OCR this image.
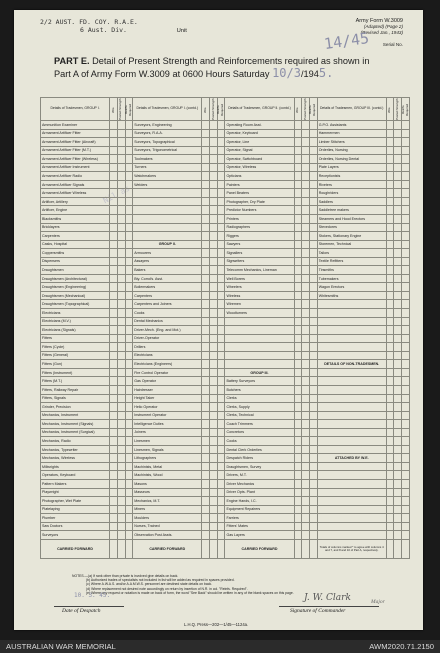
2/2 AUST. FD. COY. R.A.E.
6 Aust. Div.	Unit
Army Form W.3009
(Adapted) (Page 2)
(Revised Jan., 1943)
Serial No.
14/45
PART E. Detail of Present Strength and Reinforcements required as shown in
Part A of Army Form W.3009 at 0600 Hours Saturday 10/3/1945.
Nil as
Details of Tradesmen, GROUP I.	W.E.	Posted Strength	Reinfs. Required	Details of Tradesmen, GROUP I. (contd.)	W.E.	Posted Strength	Reinfs. Required	Details of Tradesmen, GROUP II. (contd.)	W.E.	Posted Strength	Reinfs. Required	Details of Tradesmen, GROUP III. (contd.)	W.E.	Posted Strength	Reinfs. Required
Ammunition Examiner				Surveyors, Engineering				Operating Room Asst.				G.P.O. Assistants			
Armament Artificer Fitter				Surveyors, R.A.A.				Operator, Keyboard				Hammermen			
Armament Artificer Fitter (Aircraft)				Surveyors, Topographical				Operator, Line				Limber Stitchers			
Armament Artificer Fitter (M.T.)				Surveyors, Trigonometrical				Operator, Signal				Orderlies, Nursing			
Armament Artificer Fitter (Wireless)				Toolmakers				Operator, Switchboard				Orderlies, Nursing Dental			
Armament Artificer Instrument				Turners				Operator, Wireless				Plate Layers			
Armament Artificer Radio				Watchmakers				Opticians				Receptionists			
Armament Artificer Signals				Welders				Painters				Riveters			
Armament Artificer Wireless								Panel Beaters				Roughriders			
Artificer, Artillery								Photographer, Dry Plate				Saddlers			
Artificer, Engine								Predictor Numbers				Saddletree makers			
Blacksmiths								Printers				Steamers and Hood Erectors			
Bricklayers								Radiographers				Stevedores			
Carpenters								Riggers				Stokers, Stationary Engine			
Casks, Hospital				GROUP II.				Sawyers				Storemen, Technical			
Coppersmiths				Armourers				Signallers				Tailors			
Dispensers				Assayers				Signwriters				Textile Refitters			
Draughtsmen				Bakers				Telecomm Mechanics, Lineman				Tinsmiths			
Draughtsmen (Architectural)				Bty. Comd's. Asst.				Well Borers				Tubemakers			
Draughtsmen (Engineering)				Boilermakers				Wheelers				Wagon Erectors			
Draughtsmen (Mechanical)				Carpenters				Wireless				Whitesmiths			
Draughtsmen (Topographical)				Carpenters and Joiners				Wiremen							
Electricians				Cooks				Woodturners							
Electricians (M.V.)				Dental Mechanics											
Electricians (Signals)				Driver-Mech. (Eng. and Mot.)											
Fitters				Driver-Operator											
Fitters (Cycle)				Drillers											
Fitters (General)				Electricians											
Fitters (Gun)				Electricians (Engineers)								DETAILS OF NON-TRADESMEN.			
Fitters (Instrument)				Fire Control Operator				GROUP III.							
Fitters (M.T.)				Gas Operator				Battery Surveyors							
Fitters, Railway Repair				Hairdresser				Butchers							
Fitters, Signals				Height Taker				Clerks							
Grinder, Precision				Helio Operator				Clerks, Supply							
Mechanics, Instrument				Instrument Operator				Clerks, Technical							
Mechanics, Instrument (Signals)				Intelligence Duties				Coach Trimmers							
Mechanics, Instrument (Surgical)				Joiners				Concretors							
Mechanics, Radio				Linesmen				Cooks							
Mechanics, Typewriter				Linesmen, Signals				Dental Clerk Orderlies							
Mechanics, Wireless				Lithographers				Despatch Riders				ATTACHED BY W.E.			
Millwrights				Machinists, Metal				Draughtsmen, Survey							
Operators, Keyboard				Machinists, Wood				Drivers, M.T.							
Pattern Makers				Masons				Driver Mechanics							
Playwright				Masseurs				Driver Opts. Plant							
Photographer, Wet Plate				Mechanics, M.T.				Engine Hands, I.C.							
Platelaying				Miners				Equipment Repairers							
Plumber				Moulders				Farriers							
Saw Doctors				Nurses, Trained				Fitters' Mates							
Surveyors				Observation Post Assts.				Gas Layers							
CARRIED FORWARD				CARRIED FORWARD				CARRIED FORWARD				Totals of columns marked * to agree with columns 4 and 7, and 8 and 10 of Part A, respectively.			
NOTES.—(a) If rank other than private is involved give details on back.
(b) Authorized trades of specialists not included in list will be added as required in spaces provided.
(c) Where A.W.A.S. and/or A.A.M.W.S. personnel are destined state details on back.
(d) Where replacement not desired note accordingly on return by insertion of N.R. in col. "Reinfs. Required".
(e) Where any request or notation is made on back of form, the word "See Back" should be written in any of the blank spaces on this page.
10. 3. 45.
Date of Despatch
J. W. Clark	Major
Signature of Commander
L.H.Q. Press—202—1/45—1124a.
AUSTRALIAN WAR MEMORIAL	AWM2020.71.2150
